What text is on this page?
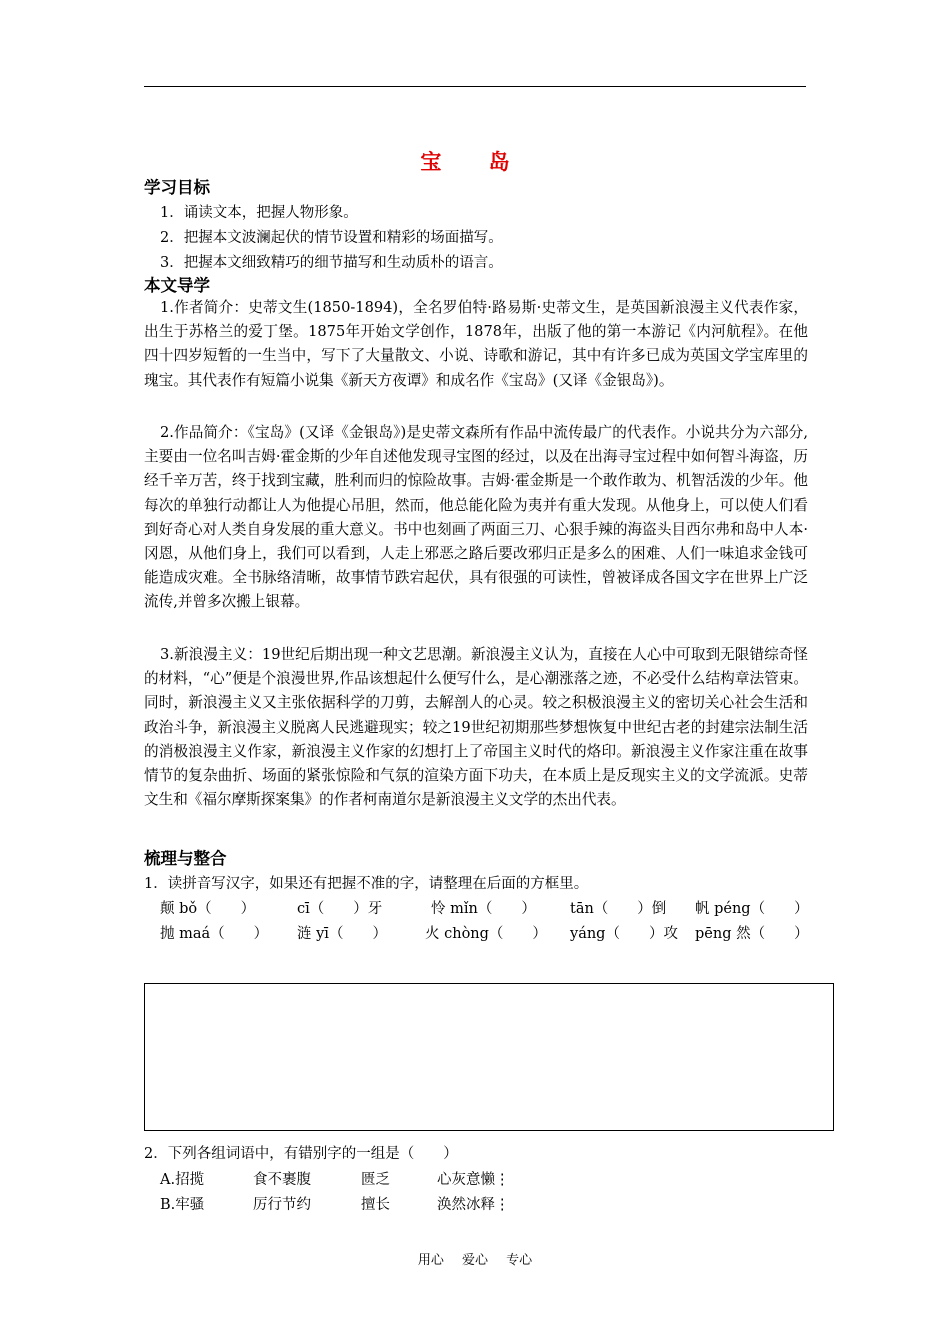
宝 岛
学习目标
1．诵读文本，把握人物形象。
2．把握本文波澜起伏的情节设置和精彩的场面描写。
3．把握本文细致精巧的细节描写和生动质朴的语言。
本文导学
1.作者简介：史蒂文生(1850-1894)，全名罗伯特·路易斯·史蒂文生，是英国新浪漫主义代表作家，出生于苏格兰的爱丁堡。1875年开始文学创作，1878年，出版了他的第一本游记《内河航程》。在他四十四岁短暂的一生当中，写下了大量散文、小说、诗歌和游记，其中有许多已成为英国文学宝库里的瑰宝。其代表作有短篇小说集《新天方夜谭》和成名作《宝岛》(又译《金银岛》)。
2.作品简介：《宝岛》(又译《金银岛》)是史蒂文森所有作品中流传最广的代表作。小说共分为六部分,主要由一位名叫吉姆·霍金斯的少年自述他发现寻宝图的经过，以及在出海寻宝过程中如何智斗海盗，历经千辛万苦，终于找到宝藏，胜利而归的惊险故事。吉姆·霍金斯是一个敢作敢为、机智活泼的少年。他每次的单独行动都让人为他提心吊胆，然而，他总能化险为夷并有重大发现。从他身上，可以使人们看到好奇心对人类自身发展的重大意义。书中也刻画了两面三刀、心狠手辣的海盗头目西尔弗和岛中人本·冈恩，从他们身上，我们可以看到，人走上邪恶之路后要改邪归正是多么的困难、人们一味追求金钱可能造成灾难。全书脉络清晰，故事情节跌宕起伏，具有很强的可读性，曾被译成各国文字在世界上广泛流传,并曾多次搬上银幕。
3.新浪漫主义：19世纪后期出现一种文艺思潮。新浪漫主义认为，直接在人心中可取到无限错综奇怪的材料，“心”便是个浪漫世界,作品该想起什么便写什么，是心潮涨落之迹，不必受什么结构章法管束。同时，新浪漫主义又主张依据科学的刀剪，去解剖人的心灵。较之积极浪漫主义的密切关心社会生活和政治斗争，新浪漫主义脱离人民逃避现实；较之19世纪初期那些梦想恢复中世纪古老的封建宗法制生活的消极浪漫主义作家，新浪漫主义作家的幻想打上了帝国主义时代的烙印。新浪漫主义作家注重在故事情节的复杂曲折、场面的紧张惊险和气氛的渲染方面下功夫，在本质上是反现实主义的文学流派。史蒂文生和《福尔摩斯探案集》的作者柯南道尔是新浪漫主义文学的杰出代表。
梳理与整合
1．读拼音写汉字，如果还有把握不准的字，请整理在后面的方框里。
颠 bǒ（　　）	cī（　　）牙	怜 mǐn（　　） tān（　　）倒 帆 péng（　　）
抛 maá（　　） 涟 yī（　　）	火 chòng（　　） yáng（　　）攻 pēng 然（　　）
2．下列各组词语中，有错别字的一组是（　　）
A.招揽	食不裹腹	匮乏	心灰意懒⋮
B.牢骚	厉行节约	擅长	涣然冰释⋮
用心 爱心 专心
